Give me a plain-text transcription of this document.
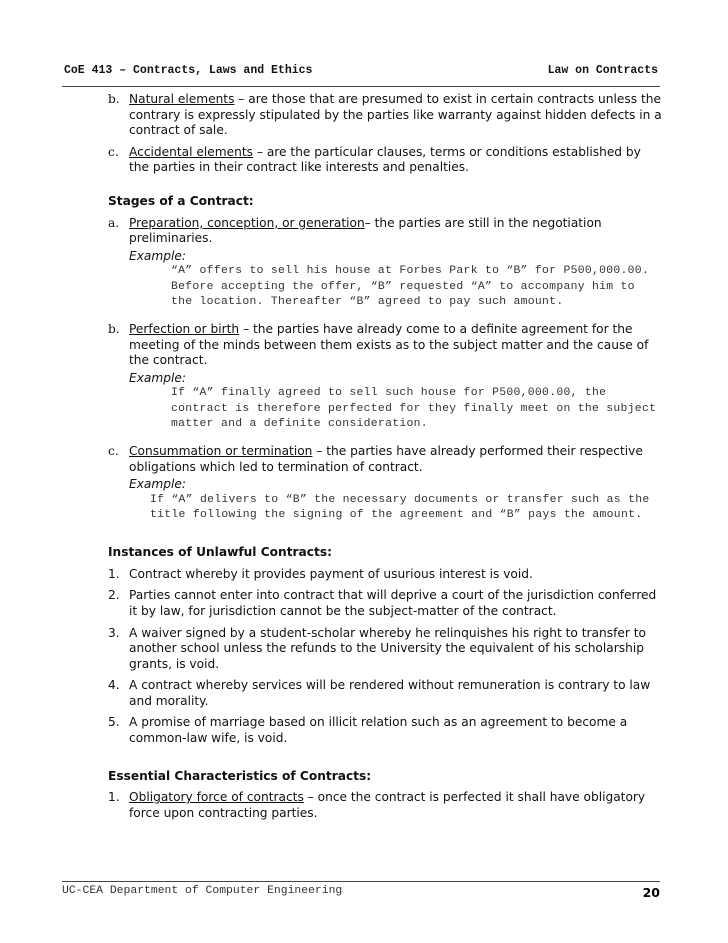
CoE 413 – Contracts, Laws and Ethics	Law on Contracts
b. Natural elements – are those that are presumed to exist in certain contracts unless the contrary is expressly stipulated by the parties like warranty against hidden defects in a contract of sale.
c. Accidental elements – are the particular clauses, terms or conditions established by the parties in their contract like interests and penalties.
Stages of a Contract:
a. Preparation, conception, or generation– the parties are still in the negotiation preliminaries.
Example:
“A” offers to sell his house at Forbes Park to “B” for P500,000.00.
Before accepting the offer, “B” requested “A” to accompany him to
the location. Thereafter “B” agreed to pay such amount.
b. Perfection or birth – the parties have already come to a definite agreement for the meeting of the minds between them exists as to the subject matter and the cause of the contract.
Example:
If “A” finally agreed to sell such house for P500,000.00, the
contract is therefore perfected for they finally meet on the subject
matter and a definite consideration.
c. Consummation or termination – the parties have already performed their respective obligations which led to termination of contract.
Example:
If “A” delivers to “B” the necessary documents or transfer such as the
title following the signing of the agreement and “B” pays the amount.
Instances of Unlawful Contracts:
1. Contract whereby it provides payment of usurious interest is void.
2. Parties cannot enter into contract that will deprive a court of the jurisdiction conferred it by law, for jurisdiction cannot be the subject-matter of the contract.
3. A waiver signed by a student-scholar whereby he relinquishes his right to transfer to another school unless the refunds to the University the equivalent of his scholarship grants, is void.
4. A contract whereby services will be rendered without remuneration is contrary to law and morality.
5. A promise of marriage based on illicit relation such as an agreement to become a common-law wife, is void.
Essential Characteristics of Contracts:
1. Obligatory force of contracts – once the contract is perfected it shall have obligatory force upon contracting parties.
UC-CEA Department of Computer Engineering	20
